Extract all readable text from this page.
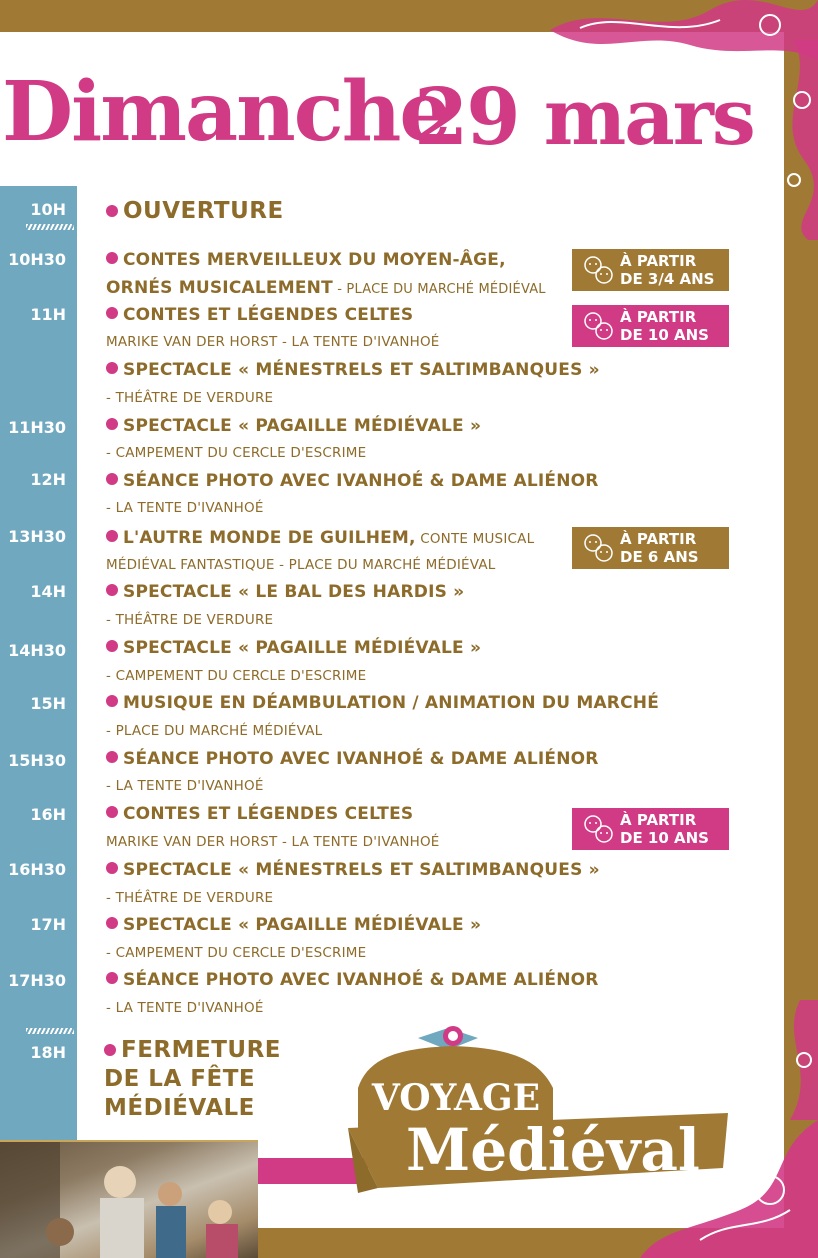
Dimanche
29 mars
10H
10H30
11H
11H30
12H
13H30
14H
14H30
15H
15H30
16H
16H30
17H
17H30
18H
OUVERTURE
CONTES MERVEILLEUX DU MOYEN-ÂGE,
ORNÉS MUSICALEMENT - PLACE DU MARCHÉ MÉDIÉVAL
CONTES ET LÉGENDES CELTES
MARIKE VAN DER HORST - LA TENTE D'IVANHOÉ
SPECTACLE « MÉNESTRELS ET SALTIMBANQUES »
- THÉÂTRE DE VERDURE
SPECTACLE « PAGAILLE MÉDIÉVALE »
- CAMPEMENT DU CERCLE D'ESCRIME
SÉANCE PHOTO AVEC IVANHOÉ & DAME ALIÉNOR
- LA TENTE D'IVANHOÉ
L'AUTRE MONDE DE GUILHEM, CONTE MUSICAL
MÉDIÉVAL FANTASTIQUE - PLACE DU MARCHÉ MÉDIÉVAL
SPECTACLE « LE BAL DES HARDIS »
- THÉÂTRE DE VERDURE
SPECTACLE « PAGAILLE MÉDIÉVALE »
- CAMPEMENT DU CERCLE D'ESCRIME
MUSIQUE EN DÉAMBULATION / ANIMATION DU MARCHÉ
- PLACE DU MARCHÉ MÉDIÉVAL
SÉANCE PHOTO AVEC IVANHOÉ & DAME ALIÉNOR
- LA TENTE D'IVANHOÉ
CONTES ET LÉGENDES CELTES
MARIKE VAN DER HORST - LA TENTE D'IVANHOÉ
SPECTACLE « MÉNESTRELS ET SALTIMBANQUES »
- THÉÂTRE DE VERDURE
SPECTACLE « PAGAILLE MÉDIÉVALE »
- CAMPEMENT DU CERCLE D'ESCRIME
SÉANCE PHOTO AVEC IVANHOÉ & DAME ALIÉNOR
- LA TENTE D'IVANHOÉ
FERMETURE
DE LA FÊTE
MÉDIÉVALE
À PARTIR
DE 3/4 ANS
À PARTIR
DE 10 ANS
À PARTIR
DE 6 ANS
À PARTIR
DE 10 ANS
VOYAGE
Médiéval
